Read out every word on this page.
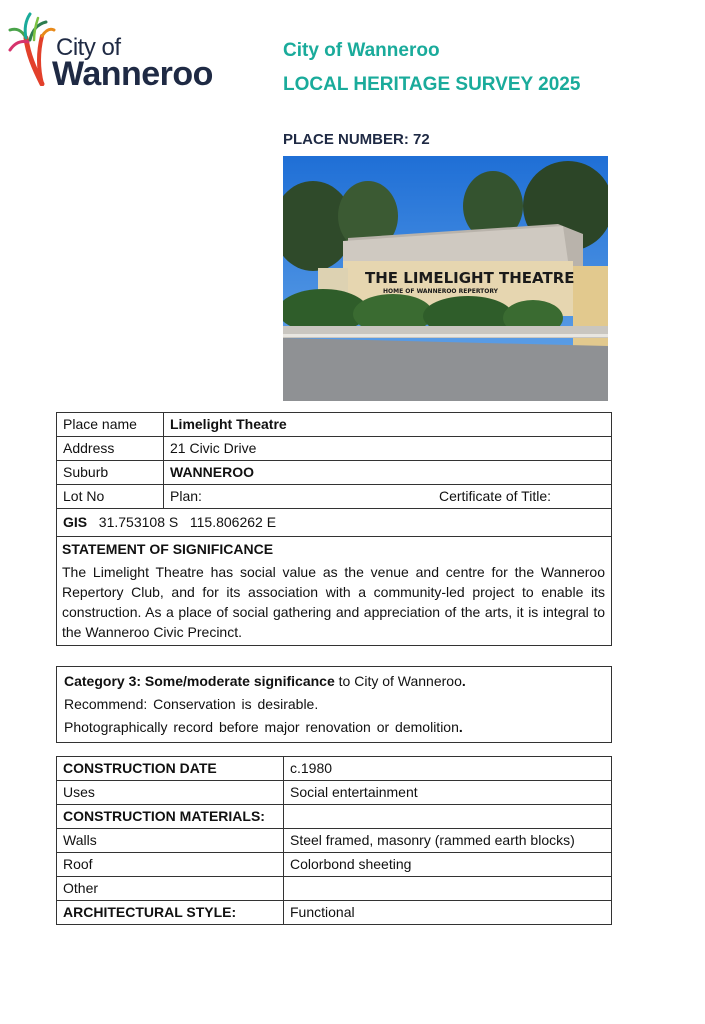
City of
Wanneroo
City of Wanneroo
LOCAL HERITAGE SURVEY 2025
PLACE NUMBER: 72
THE LIMELIGHT THEATRE
HOME OF WANNEROO REPERTORY
Place name	Limelight Theatre
Address	21 Civic Drive
Suburb	WANNEROO
Lot No	Plan: Certificate of Title:

GIS 31.753108 S   115.806262 E	

STATEMENT OF SIGNIFICANCE
The Limelight Theatre has social value as the venue and centre for the Wanneroo Repertory Club, and for its association with a community-led project to enable its construction. As a place of social gathering and appreciation of the arts, it is integral to the Wanneroo Civic Precinct.	
Category 3: Some/moderate significance to City of Wanneroo.
Recommend: Conservation is desirable.
Photographically record before major renovation or demolition.
CONSTRUCTION DATE	c.1980
Uses	Social entertainment
CONSTRUCTION MATERIALS:	
Walls	Steel framed, masonry (rammed earth blocks)
Roof	Colorbond sheeting
Other	
ARCHITECTURAL STYLE:	Functional
